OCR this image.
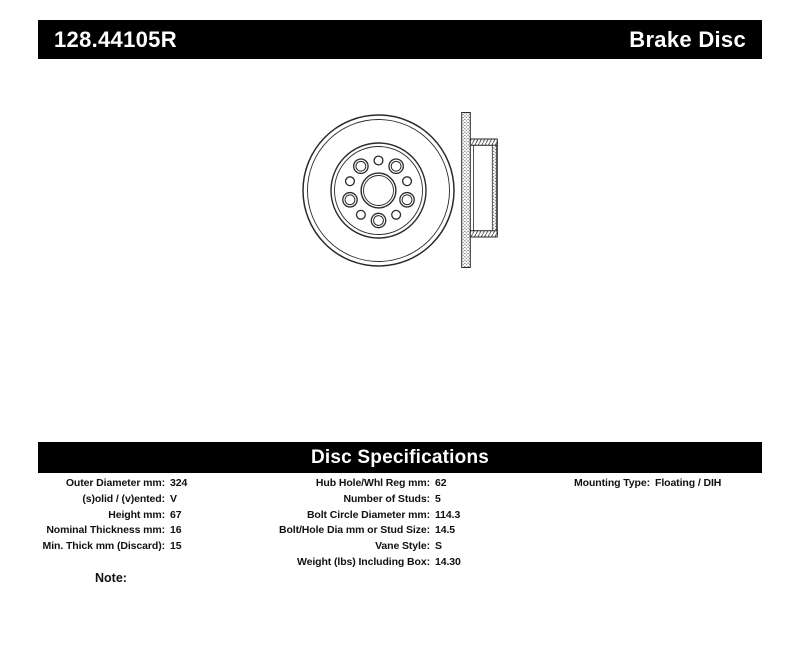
128.44105R	Brake Disc
Disc Specifications
Outer Diameter mm: 324
(s)olid / (v)ented: V
Height mm: 67
Nominal Thickness mm: 16
Min. Thick mm (Discard): 15
Hub Hole/Whl Reg mm: 62
Number of Studs: 5
Bolt Circle Diameter mm: 114.3
Bolt/Hole Dia mm or Stud Size: 14.5
Vane Style: S
Weight (lbs) Including Box: 14.30
Mounting Type: Floating / DIH
Note:
